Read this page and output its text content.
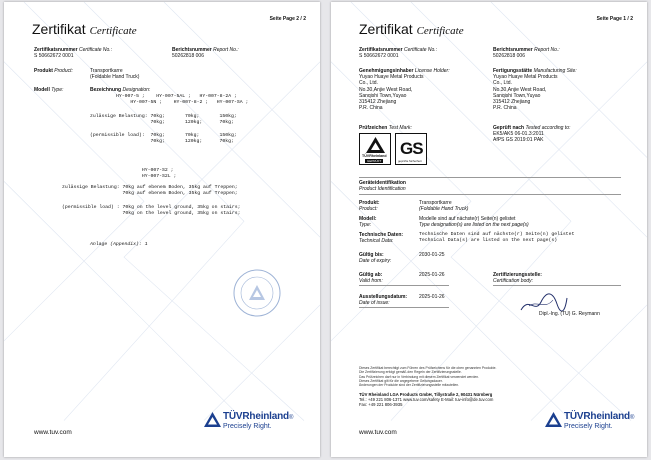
Seite Page 2 / 2
Zertifikat Certificate
Zertifikatsnummer Certificate No.:
S 50662672 0001
Berichtsnummer Report No.:
50262818 006
Produkt Product:	Transportkarre
(Foldable Hand Truck)
Modell Type:	Bezeichnung Designation:
HY-007-5 ;    HY-007-5AL ;   HY-007-8-2A ;
HY-007-5N ;    HY-007-8-2 ;   HY-007-SA ;
zulässige Belastung: 70kg;       70kg;       150kg;
70kg;       120kg;      70kg;
(permissible load):  70kg;       70kg;       150kg;
70kg;       120kg;      70kg;
HY-007-S2 ;
HY-007-S2L ;
zulässige Belastung: 70kg auf ebenem Boden, 35kg auf Treppen;
70kg auf ebenem Boden, 35kg auf Treppen;
(permissible load) : 70kg on the level ground, 35kg on stairs;
70kg on the level ground, 35kg on stairs;
Anlage (Appendix): 1
www.tuv.com
TÜVRheinland®
Precisely Right.
Seite Page 1 / 2
Zertifikat Certificate
Zertifikatsnummer Certificate No.:
S 50662672 0001
Berichtsnummer Report No.:
50262818 006
Genehmigungsinhaber License Holder:
Yuyao Huaye Metal Products
Co., Ltd.
No.30,Anjie West Road,
Sanqishi Town,Yuyao
315412 Zhejiang
P.R. China
Fertigungsstätte Manufacturing Site:
Yuyao Huaye Metal Products
Co., Ltd.
No.30,Anjie West Road,
Sanqishi Town,Yuyao
315412 Zhejiang
P.R. China
Prüfzeichen Test Mark:	Geprüft nach Tested according to:
EK5/AK5 06-01.3:2011
AfPS GS 2019:01 PAK
TÜVRheinland
GEPRÜFT
GS
geprüfte Sicherheit
Geräteidentifikation
Product Identification
Produkt:
Product:
Transportkarre
(Foldable Hand Truck)
Modell:
Type:
Modelle sind auf nächste(r) Seite(n) gelistet
Type designation(s) are listed on the next page(s)
Technische Daten:
Technical Data:
Technische Daten sind auf nächste(r) Seite(n) gelistet
Technical Data(s) are listed on the next page(s)
Gültig bis:
Date of expiry:
2030-01-25
Gültig ab:
Valid from:
2025-01-26	Zertifizierungsstelle:
Certification body:
Ausstellungsdatum:
Date of issue:
2025-01-26
Dipl.-Ing. (TU) G. Reymann
Dieses Zertifikat berechtigt zum Führen des Prüfzeichens für die oben genannten Produkte.
Die Zertifizierung erfolgt gemäß den Regeln der Zertifizierungsstelle.
Das Prüfzeichen darf nur in Verbindung mit diesem Zertifikat verwendet werden.
Dieses Zertifikat gilt für die angegebene Geltungsdauer.
Änderungen der Produkte sind der Zertifizierungsstelle mitzuteilen.
TÜV Rheinland LGA Products GmbH, Tillystraße 2, 90431 Nürnberg
Tel.: +49 221 806-1371 www.tuv.com/safety E-Mail: tuv-info@de.tuv.com
Fax: +49 221 806-3935
www.tuv.com
TÜVRheinland®
Precisely Right.
